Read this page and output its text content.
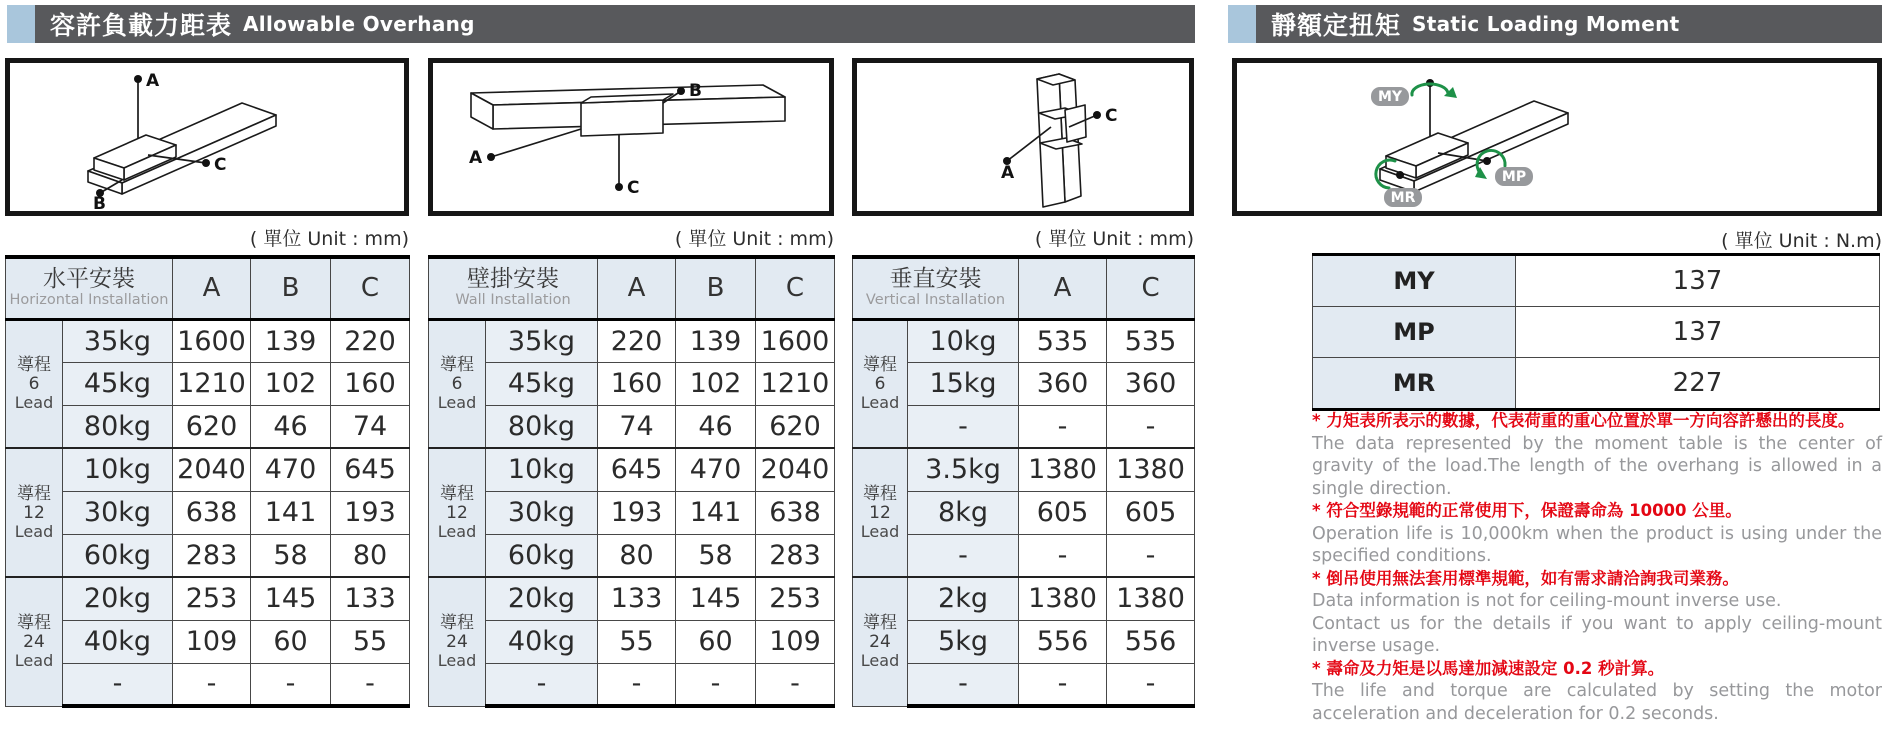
容許負載力距表 Allowable Overhang	靜額定扭矩 Static Loading Moment
A
B
C	A
B
C
A
C
MY
MP
MR
( 單位 Unit : mm)	( 單位 Unit : mm)	( 單位 Unit : mm)	( 單位 Unit : N.m)
水平安裝
Horizontal Installation		A	B	C

導程
6
Lead	35kg	1600	139	220
	45kg	1210	102	160
	80kg	620	46	74

導程
12
Lead	10kg	2040	470	645
	30kg	638	141	193
	60kg	283	58	80

導程
24
Lead	20kg	253	145	133
	40kg	109	60	55
	-	-	-	-
壁掛安裝
Wall Installation		A	B	C

導程
6
Lead	35kg	220	139	1600
	45kg	160	102	1210
	80kg	74	46	620

導程
12
Lead	10kg	645	470	2040
	30kg	193	141	638
	60kg	80	58	283

導程
24
Lead	20kg	133	145	253
	40kg	55	60	109
	-	-	-	-
垂直安裝
Vertical Installation		A	C

導程
6
Lead	10kg	535	535
	15kg	360	360
	-	-	-

導程
12
Lead	3.5kg	1380	1380
	8kg	605	605
	-	-	-

導程
24
Lead	2kg	1380	1380
	5kg	556	556
	-	-	-
MY	137
MP	137
MR	227
* 力矩表所表示的數據，代表荷重的重心位置於單一方向容許懸出的長度。
The data represented by the moment table is the center of gravity of the load.The length of the overhang is allowed in a single direction.
* 符合型錄規範的正常使用下，保證壽命為 10000 公里。
Operation life is 10,000km when the product is using under the specified conditions.
* 倒吊使用無法套用標準規範，如有需求請洽詢我司業務。
Data information is not for ceiling-mount inverse use.
Contact us for the details if you want to apply ceiling-mount inverse usage.
* 壽命及力矩是以馬達加減速設定 0.2 秒計算。
The life and torque are calculated by setting the motor acceleration and deceleration for 0.2 seconds.
